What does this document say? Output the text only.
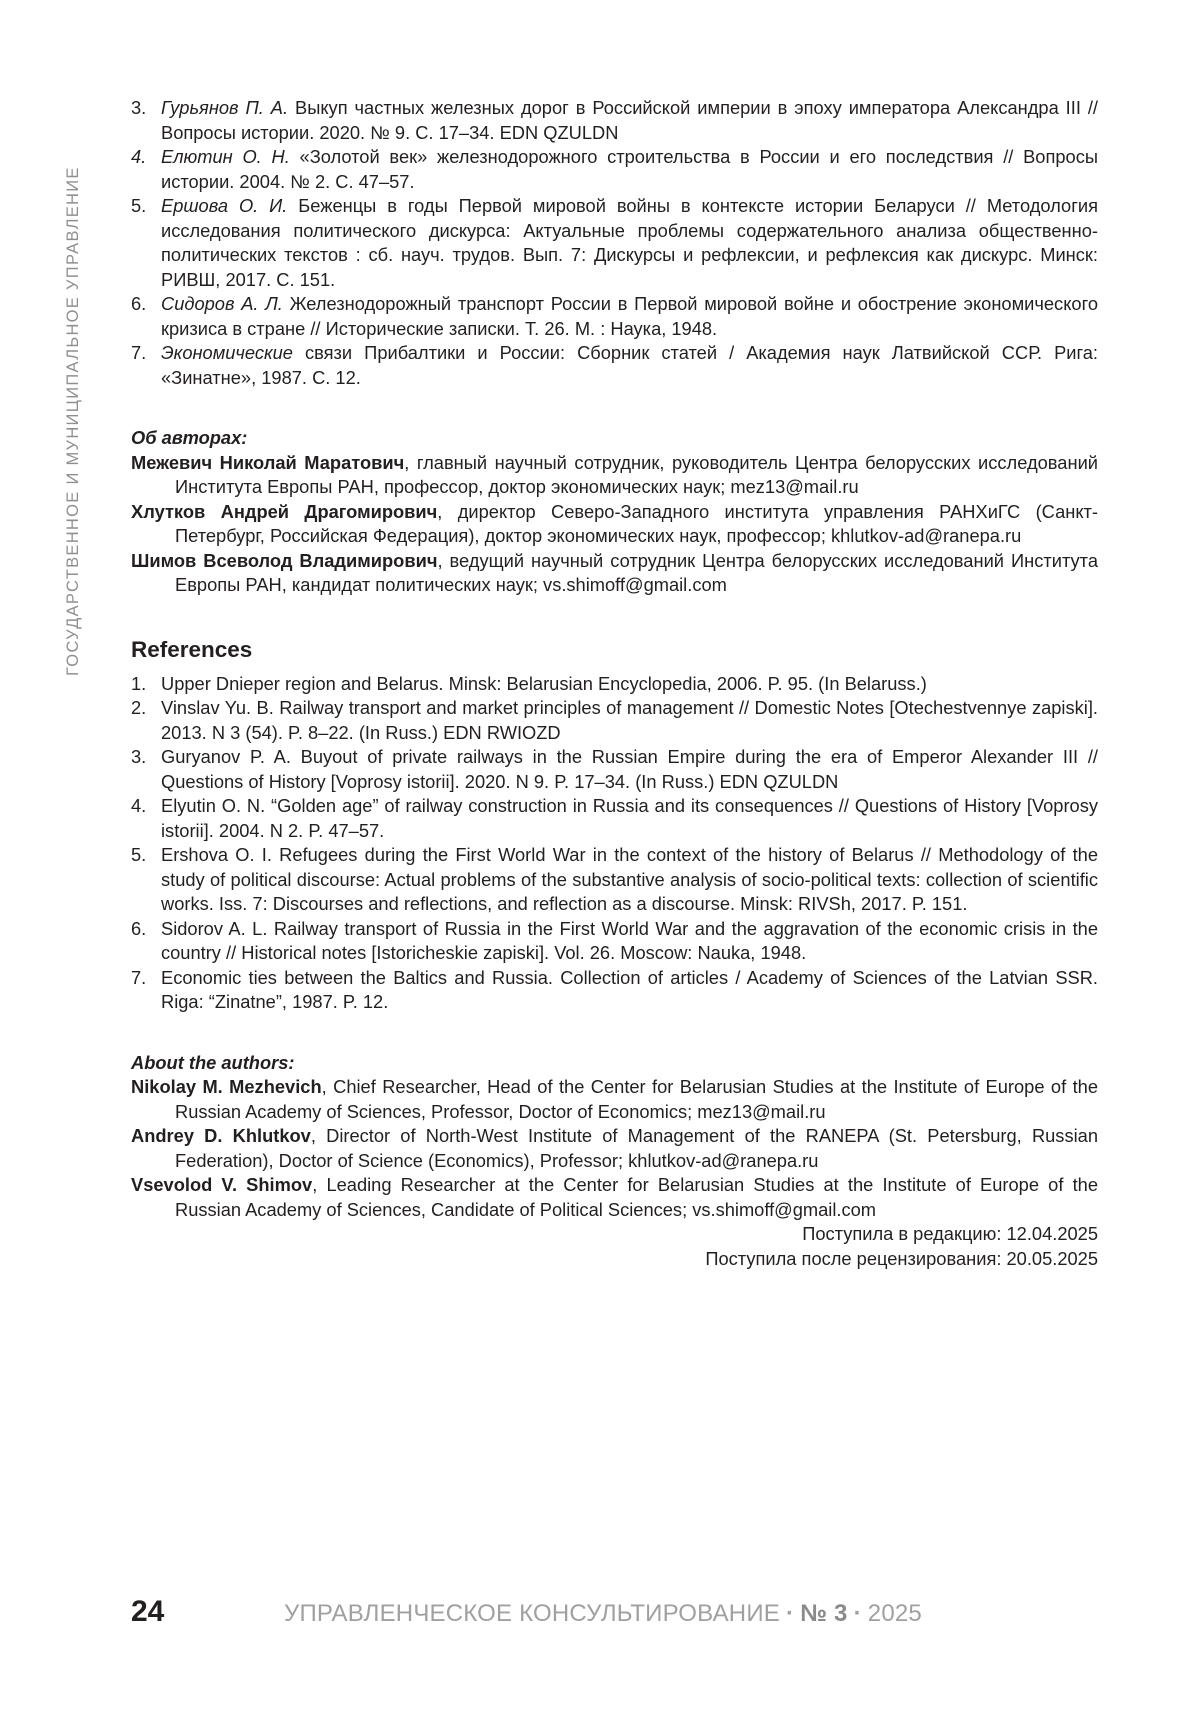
ГОСУДАРСТВЕННОЕ И МУНИЦИПАЛЬНОЕ УПРАВЛЕНИЕ
3. Гурьянов П. А. Выкуп частных железных дорог в Российской империи в эпоху императора Александра III // Вопросы истории. 2020. № 9. С. 17–34. EDN QZULDN
4. Елютин О. Н. «Золотой век» железнодорожного строительства в России и его последствия // Вопросы истории. 2004. № 2. С. 47–57.
5. Ершова О. И. Беженцы в годы Первой мировой войны в контексте истории Беларуси // Методология исследования политического дискурса: Актуальные проблемы содержательного анализа общественно-политических текстов : сб. науч. трудов. Вып. 7: Дискурсы и рефлексии, и рефлексия как дискурс. Минск: РИВШ, 2017. С. 151.
6. Сидоров А. Л. Железнодорожный транспорт России в Первой мировой войне и обострение экономического кризиса в стране // Исторические записки. Т. 26. М. : Наука, 1948.
7. Экономические связи Прибалтики и России: Сборник статей / Академия наук Латвийской ССР. Рига: «Зинатне», 1987. С. 12.

Об авторах:

Межевич Николай Маратович, главный научный сотрудник, руководитель Центра белорусских исследований Института Европы РАН, профессор, доктор экономических наук; mez13@mail.ru

Хлутков Андрей Драгомирович, директор Северо-Западного института управления РАНХиГС (Санкт-Петербург, Российская Федерация), доктор экономических наук, профессор; khlutkov-ad@ranepa.ru

Шимов Всеволод Владимирович, ведущий научный сотрудник Центра белорусских исследований Института Европы РАН, кандидат политических наук; vs.shimoff@gmail.com

References
1. Upper Dnieper region and Belarus. Minsk: Belarusian Encyclopedia, 2006. P. 95. (In Belaruss.)
2. Vinslav Yu. B. Railway transport and market principles of management // Domestic Notes [Otechestvennye zapiski]. 2013. N 3 (54). P. 8–22. (In Russ.) EDN RWIOZD
3. Guryanov P. A. Buyout of private railways in the Russian Empire during the era of Emperor Alexander III // Questions of History [Voprosy istorii]. 2020. N 9. P. 17–34. (In Russ.) EDN QZULDN
4. Elyutin O. N. “Golden age” of railway construction in Russia and its consequences // Questions of History [Voprosy istorii]. 2004. N 2. P. 47–57.
5. Ershova O. I. Refugees during the First World War in the context of the history of Belarus // Methodology of the study of political discourse: Actual problems of the substantive analysis of socio-political texts: collection of scientific works. Iss. 7: Discourses and reflections, and reflection as a discourse. Minsk: RIVSh, 2017. P. 151.
6. Sidorov A. L. Railway transport of Russia in the First World War and the aggravation of the economic crisis in the country // Historical notes [Istoricheskie zapiski]. Vol. 26. Moscow: Nauka, 1948.
7. Economic ties between the Baltics and Russia. Collection of articles / Academy of Sciences of the Latvian SSR. Riga: “Zinatne”, 1987. P. 12.

About the authors:

Nikolay M. Mezhevich, Chief Researcher, Head of the Center for Belarusian Studies at the Institute of Europe of the Russian Academy of Sciences, Professor, Doctor of Economics; mez13@mail.ru

Andrey D. Khlutkov, Director of North-West Institute of Management of the RANEPA (St. Petersburg, Russian Federation), Doctor of Science (Economics), Professor; khlutkov-ad@ranepa.ru

Vsevolod V. Shimov, Leading Researcher at the Center for Belarusian Studies at the Institute of Europe of the Russian Academy of Sciences, Candidate of Political Sciences; vs.shimoff@gmail.com

Поступила в редакцию: 12.04.2025

Поступила после рецензирования: 20.05.2025

24	УПРАВЛЕНЧЕСКОЕ КОНСУЛЬТИРОВАНИЕ · № 3 · 2025
